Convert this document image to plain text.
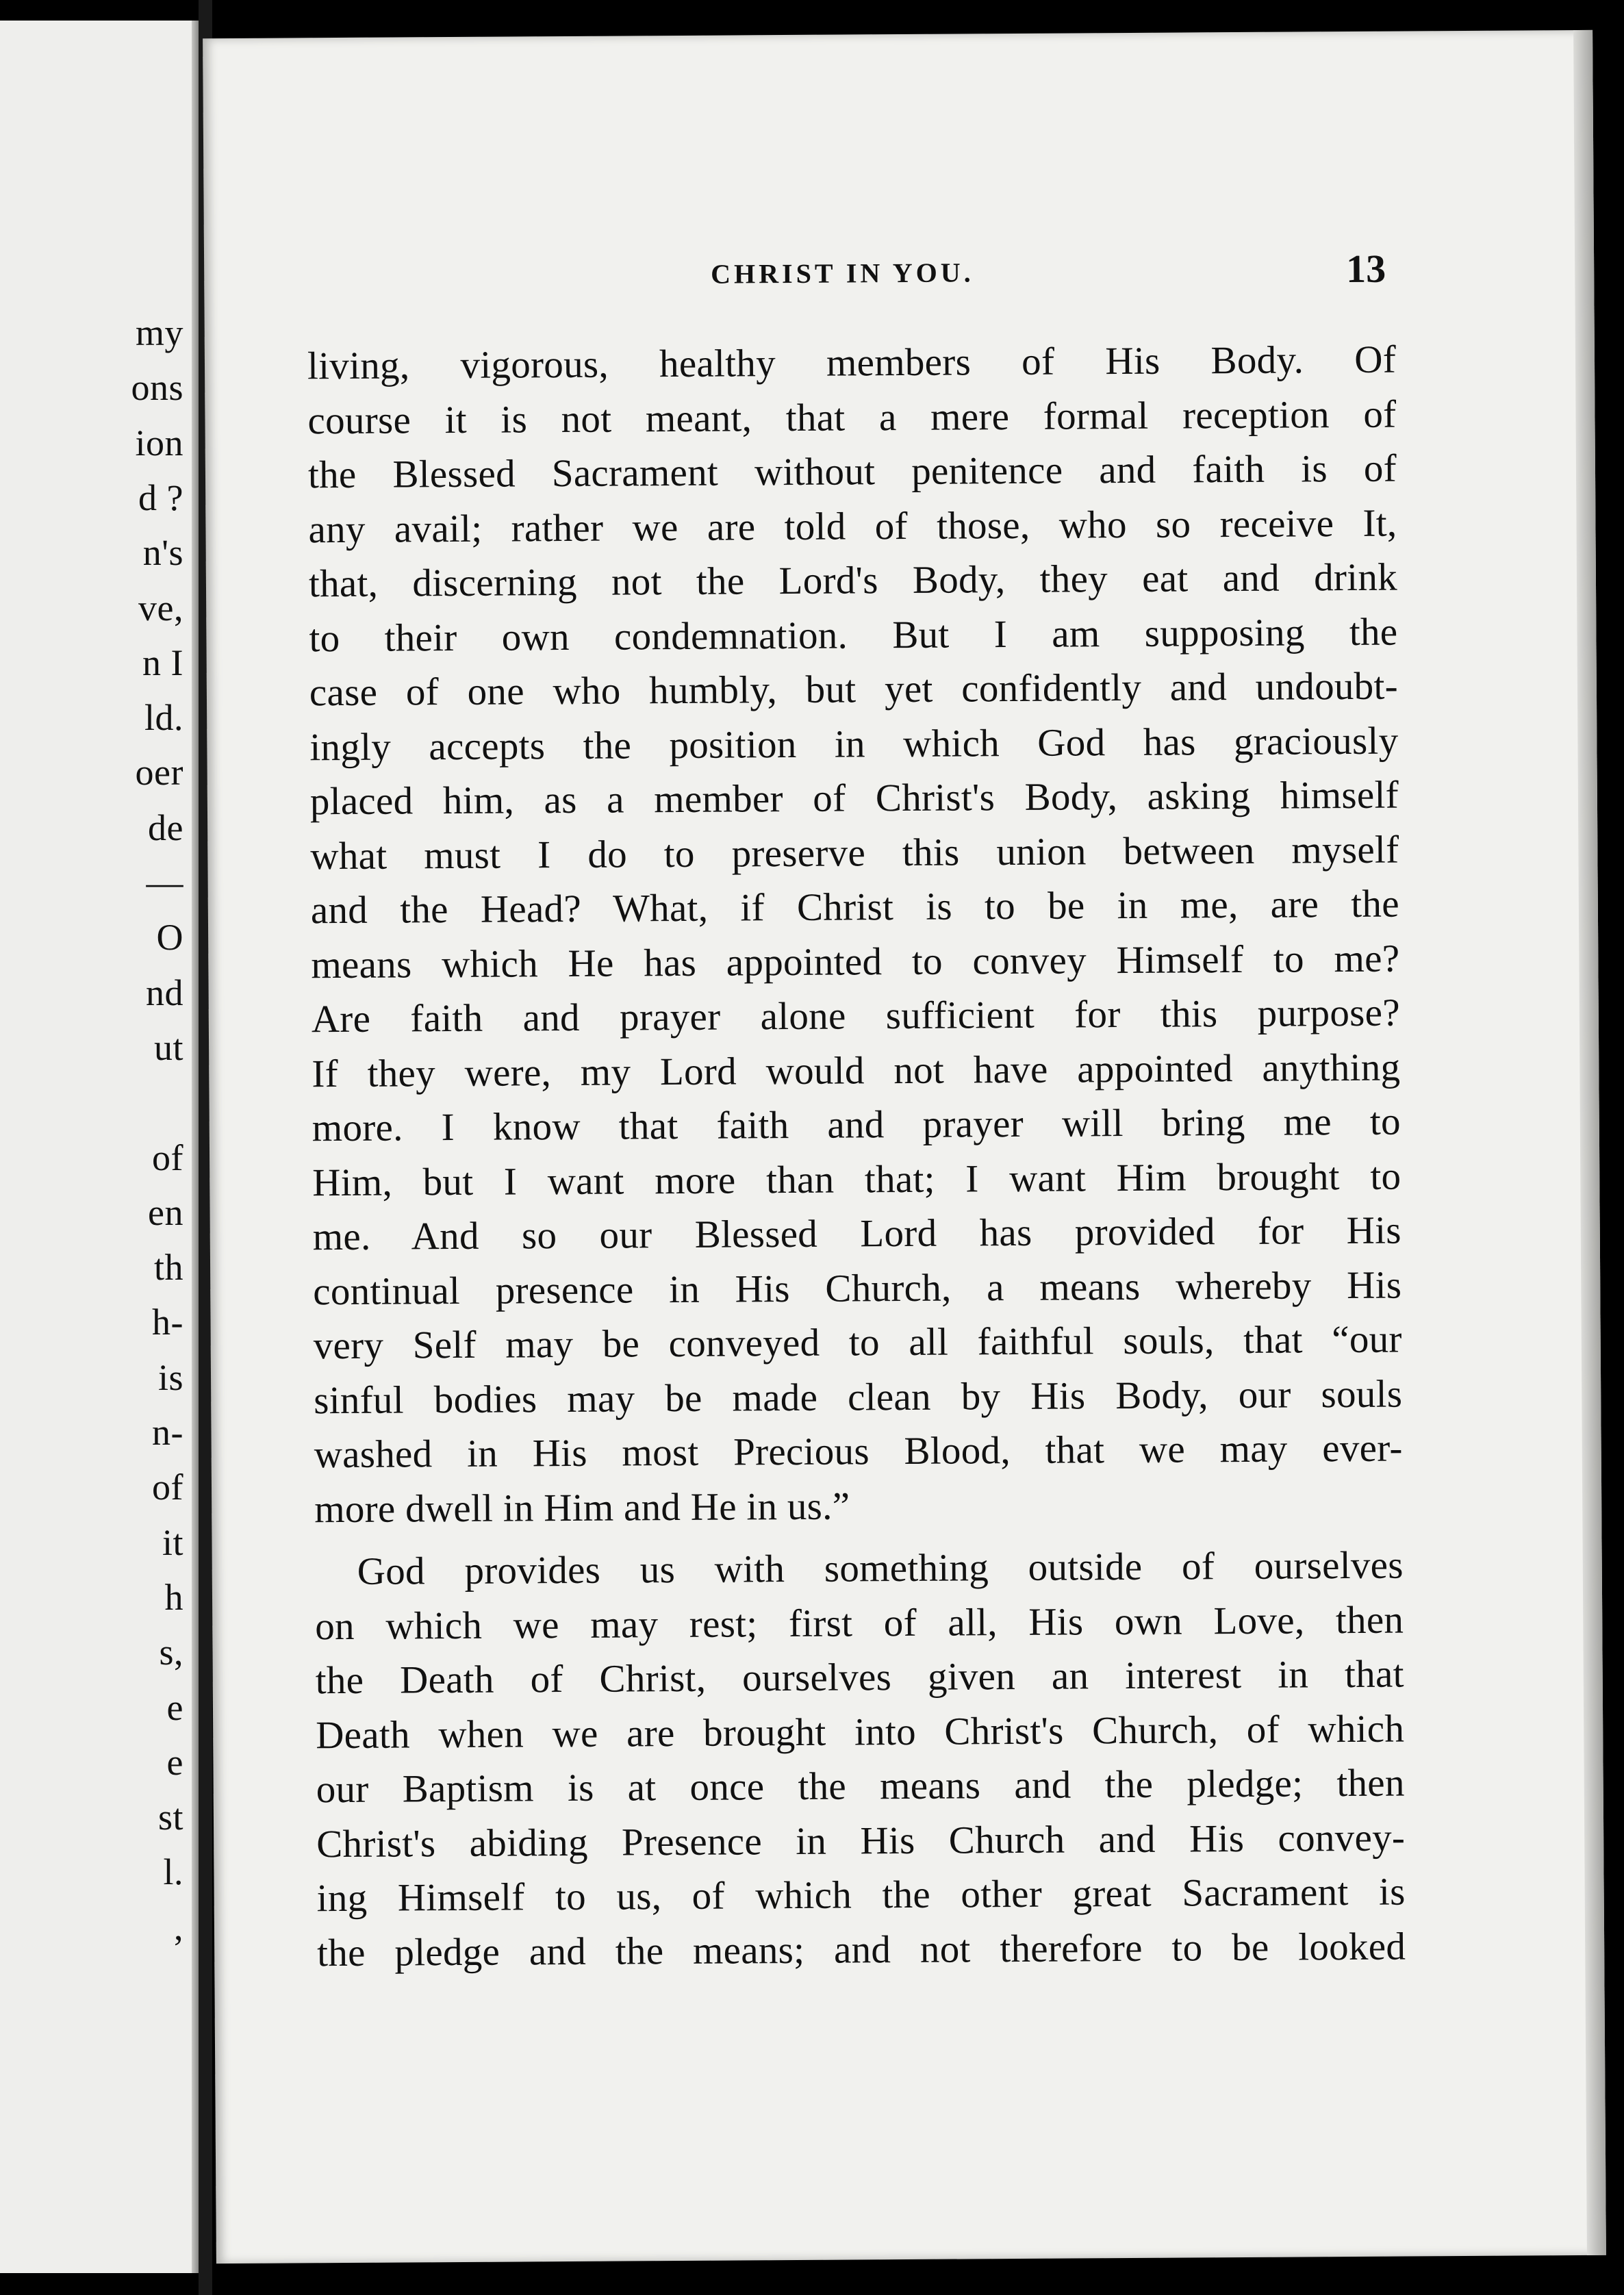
my
ons
ion
d ?
n's
ve,
n I
ld.
oer
de
—
O
nd
ut
of
en
th
h-
is
n-
of
it
h
s,
e
e
st
l.
,
CHRIST IN YOU.	13
living, vigorous, healthy members of His Body. Of
course it is not meant, that a mere formal reception of
the Blessed Sacrament without penitence and faith is of
any avail; rather we are told of those, who so receive It,
that, discerning not the Lord's Body, they eat and drink
to their own condemnation. But I am supposing the
case of one who humbly, but yet confidently and undoubt-
ingly accepts the position in which God has graciously
placed him, as a member of Christ's Body, asking himself
what must I do to preserve this union between myself
and the Head? What, if Christ is to be in me, are the
means which He has appointed to convey Himself to me?
Are faith and prayer alone sufficient for this purpose?
If they were, my Lord would not have appointed anything
more. I know that faith and prayer will bring me to
Him, but I want more than that; I want Him brought to
me. And so our Blessed Lord has provided for His
continual presence in His Church, a means whereby His
very Self may be conveyed to all faithful souls, that “our
sinful bodies may be made clean by His Body, our souls
washed in His most Precious Blood, that we may ever-
more dwell in Him and He in us.”
God provides us with something outside of ourselves
on which we may rest; first of all, His own Love, then
the Death of Christ, ourselves given an interest in that
Death when we are brought into Christ's Church, of which
our Baptism is at once the means and the pledge; then
Christ's abiding Presence in His Church and His convey-
ing Himself to us, of which the other great Sacrament is
the pledge and the means; and not therefore to be looked
